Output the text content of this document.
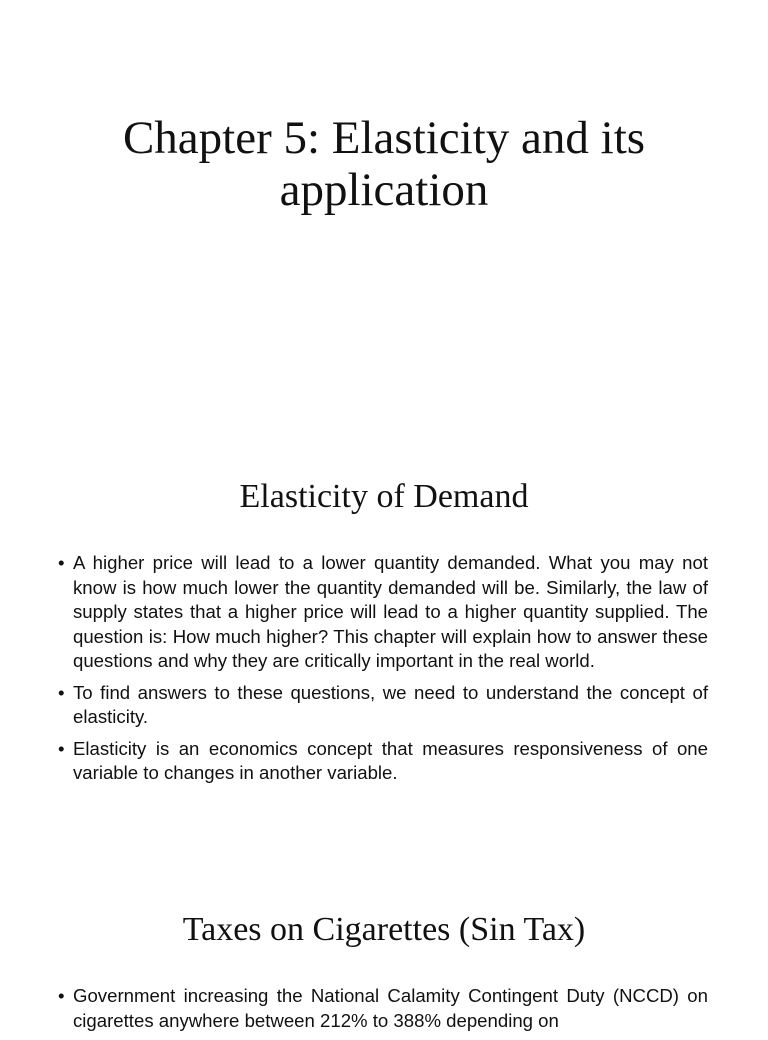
Chapter 5: Elasticity and its
application
Elasticity of Demand
• A higher price will lead to a lower quantity demanded. What you may not know is how much lower the quantity demanded will be. Similarly, the law of supply states that a higher price will lead to a higher quantity supplied. The question is: How much higher? This chapter will explain how to answer these questions and why they are critically important in the real world.
• To find answers to these questions, we need to understand the concept of elasticity.
• Elasticity is an economics concept that measures responsiveness of one variable to changes in another variable.
Taxes on Cigarettes (Sin Tax)
• Government increasing the National Calamity Contingent Duty (NCCD) on cigarettes anywhere between 212% to 388% depending on
